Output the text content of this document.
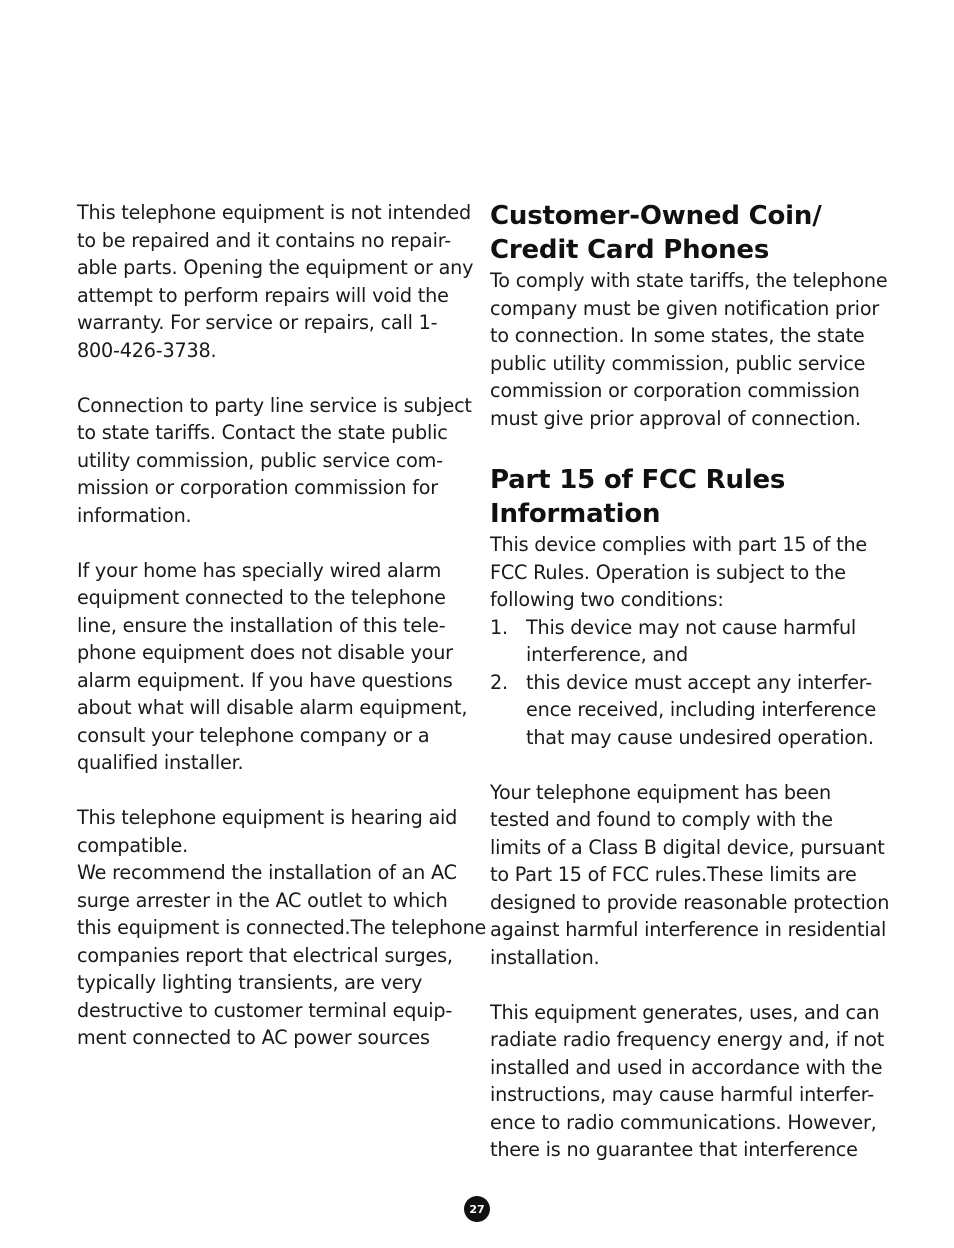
This telephone equipment is not intended
to be repaired and it contains no repair-
able parts. Opening the equipment or any
attempt to perform repairs will void the
warranty. For service or repairs, call 1-
800-426-3738.
Connection to party line service is subject
to state tariffs. Contact the state public
utility commission, public service com-
mission or corporation commission for
information.
If your home has specially wired alarm
equipment connected to the telephone
line, ensure the installation of this tele-
phone equipment does not disable your
alarm equipment. If you have questions
about what will disable alarm equipment,
consult your telephone company or a
qualified installer.
This telephone equipment is hearing aid
compatible.
We recommend the installation of an AC
surge arrester in the AC outlet to which
this equipment is connected.The telephone
companies report that electrical surges,
typically lighting transients, are very
destructive to customer terminal equip-
ment connected to AC power sources
Customer-Owned Coin/
Credit Card Phones
To comply with state tariffs, the telephone
company must be given notification prior
to connection. In some states, the state
public utility commission, public service
commission or corporation commission
must give prior approval of connection.
Part 15 of FCC Rules
Information
This device complies with part 15 of the
FCC Rules. Operation is subject to the
following two conditions:
1. This device may not cause harmful
interference, and
2. this device must accept any interfer-
ence received, including interference
that may cause undesired operation.
Your telephone equipment has been
tested and found to comply with the
limits of a Class B digital device, pursuant
to Part 15 of FCC rules.These limits are
designed to provide reasonable protection
against harmful interference in residential
installation.
This equipment generates, uses, and can
radiate radio frequency energy and, if not
installed and used in accordance with the
instructions, may cause harmful interfer-
ence to radio communications. However,
there is no guarantee that interference
27
